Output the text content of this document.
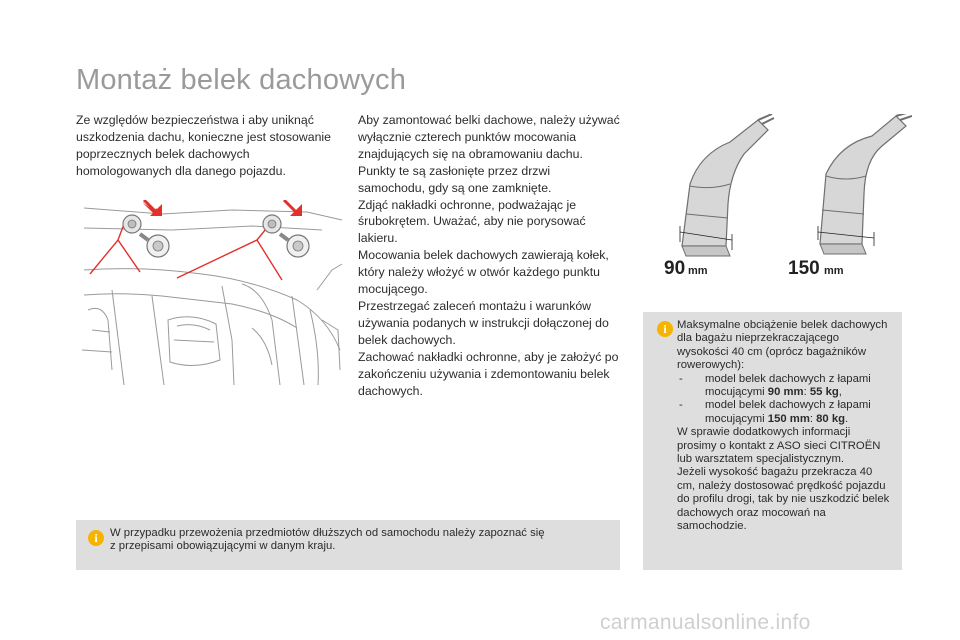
Montaż belek dachowych

Ze względów bezpieczeństwa i aby uniknąć uszkodzenia dachu, konieczne jest stosowanie poprzecznych belek dachowych homologowanych dla danego pojazdu.

Aby zamontować belki dachowe, należy używać wyłącznie czterech punktów mocowania znajdujących się na obramowaniu dachu. Punkty te są zasłonięte przez drzwi samochodu, gdy są one zamknięte.

Zdjąć nakładki ochronne, podważając je śrubokrętem. Uważać, aby nie porysować lakieru.

Mocowania belek dachowych zawierają kołek, który należy włożyć w otwór każdego punktu mocującego.

Przestrzegać zaleceń montażu i warunków używania podanych w instrukcji dołączonej do belek dachowych.

Zachować nakładki ochronne, aby je założyć po zakończeniu używania i zdemontowaniu belek dachowych.

90 mm	150 mm
i Maksymalne obciążenie belek dachowych dla bagażu nieprzekraczającego wysokości 40 cm (oprócz bagażników rowerowych):
- model belek dachowych z łapami mocującymi 90 mm: 55 kg,
- model belek dachowych z łapami mocującymi 150 mm: 80 kg.
W sprawie dodatkowych informacji prosimy o kontakt z ASO sieci CITROËN lub warsztatem specjalistycznym.
Jeżeli wysokość bagażu przekracza 40 cm, należy dostosować prędkość pojazdu do profilu drogi, tak by nie uszkodzić belek dachowych oraz mocowań na samochodzie.
i	W przypadku przewożenia przedmiotów dłuższych od samochodu należy zapoznać się
z przepisami obowiązującymi w danym kraju.
carmanualsonline.info
